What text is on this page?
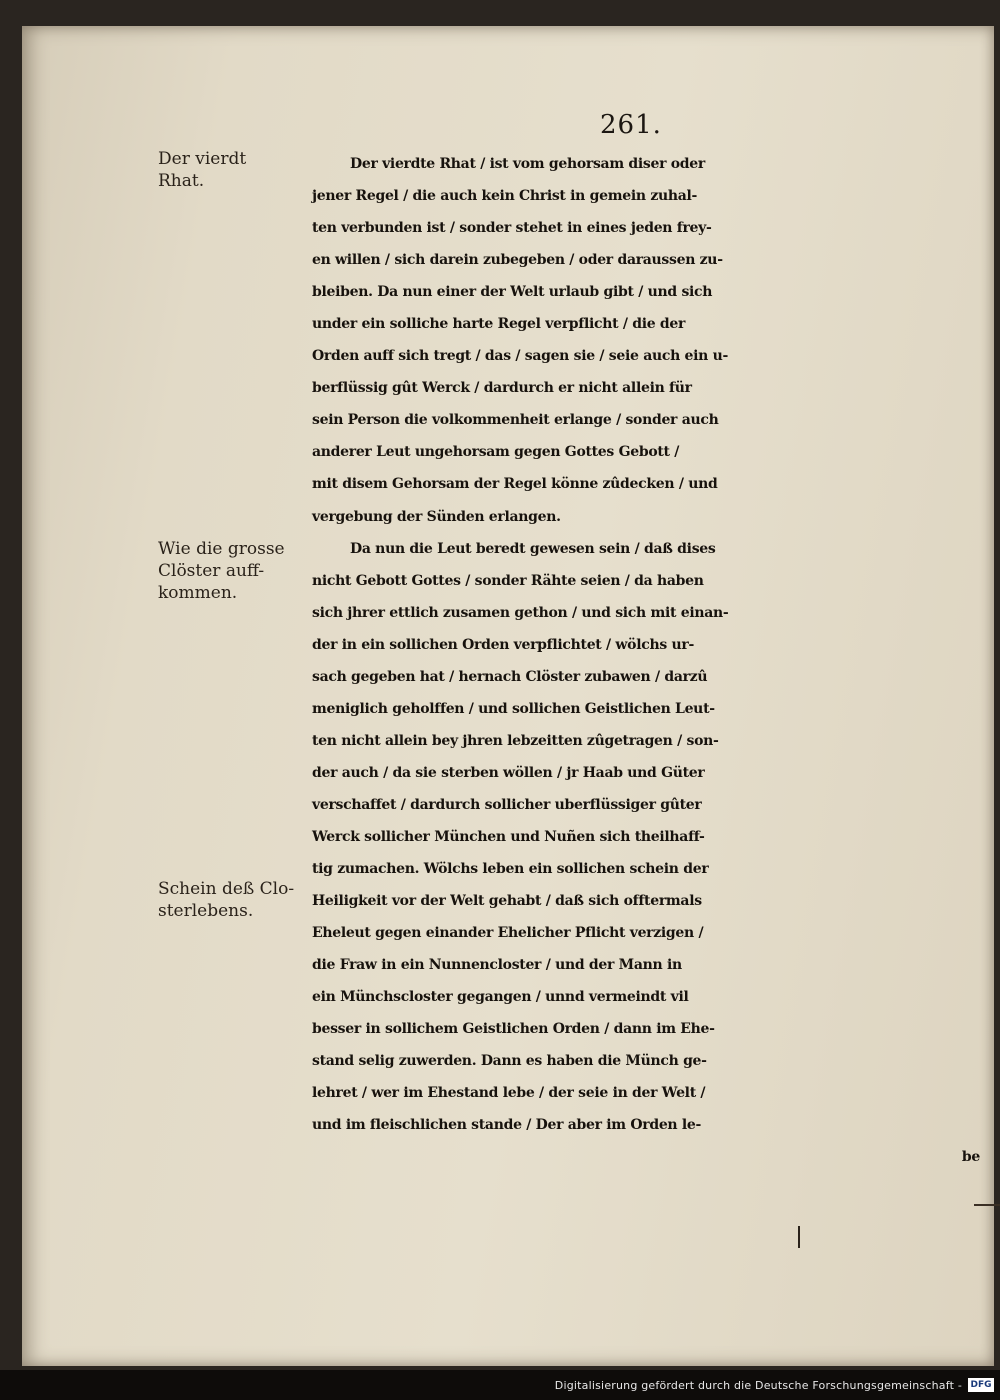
261.

Der vierdt
Rhat.

Wie die grosse
Clöster auff-
kommen.

Schein deß Clo-
sterlebens.

Der vierdte Rhat / ist vom gehorsam diser oder
jener Regel / die auch kein Christ in gemein zuhal-
ten verbunden ist / sonder stehet in eines jeden frey-
en willen / sich darein zubegeben / oder daraussen zu-
bleiben. Da nun einer der Welt urlaub gibt / und sich
under ein solliche harte Regel verpflicht / die der
Orden auff sich tregt / das / sagen sie / seie auch ein u-
berflüssig gût Werck / dardurch er nicht allein für
sein Person die volkommenheit erlange / sonder auch
anderer Leut ungehorsam gegen Gottes Gebott /
mit disem Gehorsam der Regel könne zûdecken / und
vergebung der Sünden erlangen.
Da nun die Leut beredt gewesen sein / daß dises
nicht Gebott Gottes / sonder Rähte seien / da haben
sich jhrer ettlich zusamen gethon / und sich mit einan-
der in ein sollichen Orden verpflichtet / wölchs ur-
sach gegeben hat / hernach Clöster zubawen / darzû
meniglich geholffen / und sollichen Geistlichen Leut-
ten nicht allein bey jhren lebzeitten zûgetragen / son-
der auch / da sie sterben wöllen / jr Haab und Güter
verschaffet / dardurch sollicher uberflüssiger gûter
Werck sollicher München und Nuñen sich theilhaff-
tig zumachen. Wölchs leben ein sollichen schein der
Heiligkeit vor der Welt gehabt / daß sich offtermals
Eheleut gegen einander Ehelicher Pflicht verzigen /
die Fraw in ein Nunnencloster / und der Mann in
ein Münchscloster gegangen / unnd vermeindt vil
besser in sollichem Geistlichen Orden / dann im Ehe-
stand selig zuwerden. Dann es haben die Münch ge-
lehret / wer im Ehestand lebe / der seie in der Welt /
und im fleischlichen stande / Der aber im Orden le-
be
Digitalisierung gefördert durch die Deutsche Forschungsgemeinschaft - DFG
